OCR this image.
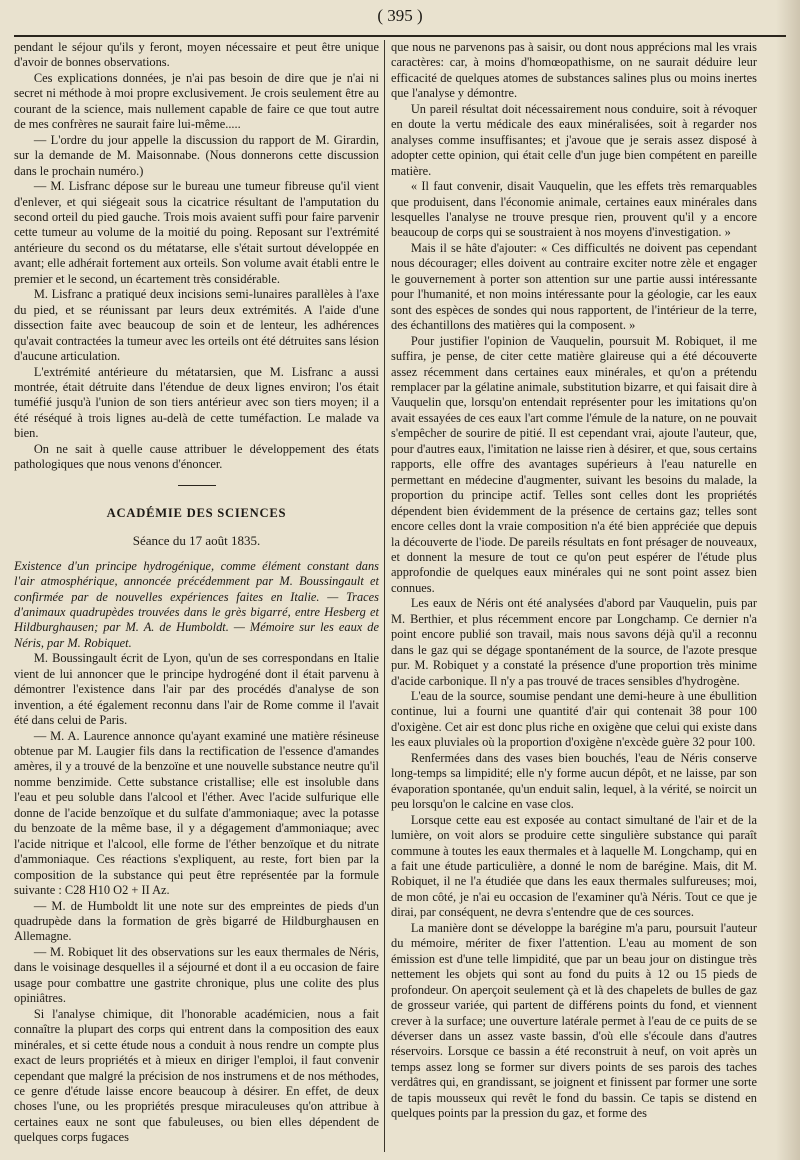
( 395 )

pendant le séjour qu'ils y feront, moyen nécessaire et peut être unique d'avoir de bonnes observations.

Ces explications données, je n'ai pas besoin de dire que je n'ai ni secret ni méthode à moi propre exclusivement. Je crois seulement être au courant de la science, mais nullement capable de faire ce que tout autre de mes confrères ne saurait faire lui-même.....

— L'ordre du jour appelle la discussion du rapport de M. Girardin, sur la demande de M. Maisonnabe. (Nous donnerons cette discussion dans le prochain numéro.)

— M. Lisfranc dépose sur le bureau une tumeur fibreuse qu'il vient d'enlever, et qui siégeait sous la cicatrice résultant de l'amputation du second orteil du pied gauche. Trois mois avaient suffi pour faire parvenir cette tumeur au volume de la moitié du poing. Reposant sur l'extrémité antérieure du second os du métatarse, elle s'était surtout développée en avant; elle adhérait fortement aux orteils. Son volume avait établi entre le premier et le second, un écartement très considérable.

M. Lisfranc a pratiqué deux incisions semi-lunaires parallèles à l'axe du pied, et se réunissant par leurs deux extrémités. A l'aide d'une dissection faite avec beaucoup de soin et de lenteur, les adhérences qu'avait contractées la tumeur avec les orteils ont été détruites sans lésion d'aucune articulation.

L'extrémité antérieure du métatarsien, que M. Lisfranc a aussi montrée, était détruite dans l'étendue de deux lignes environ; l'os était tuméfié jusqu'à l'union de son tiers antérieur avec son tiers moyen; il a été réséqué à trois lignes au-delà de cette tuméfaction. Le malade va bien.

On ne sait à quelle cause attribuer le développement des états pathologiques que nous venons d'énoncer.

ACADÉMIE DES SCIENCES
Séance du 17 août 1835.

Existence d'un principe hydrogénique, comme élément constant dans l'air atmosphérique, annoncée précédemment par M. Boussingault et confirmée par de nouvelles expériences faites en Italie. — Traces d'animaux quadrupèdes trouvées dans le grès bigarré, entre Hesberg et Hildburghausen; par M. A. de Humboldt. — Mémoire sur les eaux de Néris, par M. Robiquet.

M. Boussingault écrit de Lyon, qu'un de ses correspondans en Italie vient de lui annoncer que le principe hydrogéné dont il était parvenu à démontrer l'existence dans l'air par des procédés d'analyse de son invention, a été également reconnu dans l'air de Rome comme il l'avait été dans celui de Paris.

— M. A. Laurence annonce qu'ayant examiné une matière résineuse obtenue par M. Laugier fils dans la rectification de l'essence d'amandes amères, il y a trouvé de la benzoïne et une nouvelle substance neutre qu'il nomme benzimide. Cette substance cristallise; elle est insoluble dans l'eau et peu soluble dans l'alcool et l'éther. Avec l'acide sulfurique elle donne de l'acide benzoïque et du sulfate d'ammoniaque; avec la potasse du benzoate de la même base, il y a dégagement d'ammoniaque; avec l'acide nitrique et l'alcool, elle forme de l'éther benzoïque et du nitrate d'ammoniaque. Ces réactions s'expliquent, au reste, fort bien par la composition de la substance qui peut être représentée par la formule suivante : C28 H10 O2 + II Az.

— M. de Humboldt lit une note sur des empreintes de pieds d'un quadrupède dans la formation de grès bigarré de Hildburghausen en Allemagne.

— M. Robiquet lit des observations sur les eaux thermales de Néris, dans le voisinage desquelles il a séjourné et dont il a eu occasion de faire usage pour combattre une gastrite chronique, plus une colite des plus opiniâtres.

Si l'analyse chimique, dit l'honorable académicien, nous a fait connaître la plupart des corps qui entrent dans la composition des eaux minérales, et si cette étude nous a conduit à nous rendre un compte plus exact de leurs propriétés et à mieux en diriger l'emploi, il faut convenir cependant que malgré la précision de nos instrumens et de nos méthodes, ce genre d'étude laisse encore beaucoup à désirer. En effet, de deux choses l'une, ou les propriétés presque miraculeuses qu'on attribue à certaines eaux ne sont que fabuleuses, ou bien elles dépendent de quelques corps fugaces

que nous ne parvenons pas à saisir, ou dont nous apprécions mal les vrais caractères: car, à moins d'homœopathisme, on ne saurait déduire leur efficacité de quelques atomes de substances salines plus ou moins inertes que l'analyse y démontre.

Un pareil résultat doit nécessairement nous conduire, soit à révoquer en doute la vertu médicale des eaux minéralisées, soit à regarder nos analyses comme insuffisantes; et j'avoue que je serais assez disposé à adopter cette opinion, qui était celle d'un juge bien compétent en pareille matière.

« Il faut convenir, disait Vauquelin, que les effets très remarquables que produisent, dans l'économie animale, certaines eaux minérales dans lesquelles l'analyse ne trouve presque rien, prouvent qu'il y a encore beaucoup de corps qui se soustraient à nos moyens d'investigation. »

Mais il se hâte d'ajouter: « Ces difficultés ne doivent pas cependant nous décourager; elles doivent au contraire exciter notre zèle et engager le gouvernement à porter son attention sur une partie aussi intéressante pour l'humanité, et non moins intéressante pour la géologie, car les eaux sont des espèces de sondes qui nous rapportent, de l'intérieur de la terre, des échantillons des matières qui la composent. »

Pour justifier l'opinion de Vauquelin, poursuit M. Robiquet, il me suffira, je pense, de citer cette matière glaireuse qui a été découverte assez récemment dans certaines eaux minérales, et qu'on a prétendu remplacer par la gélatine animale, substitution bizarre, et qui faisait dire à Vauquelin que, lorsqu'on entendait représenter pour les imitations qu'on avait essayées de ces eaux l'art comme l'émule de la nature, on ne pouvait s'empêcher de sourire de pitié. Il est cependant vrai, ajoute l'auteur, que, pour d'autres eaux, l'imitation ne laisse rien à désirer, et que, sous certains rapports, elle offre des avantages supérieurs à l'eau naturelle en permettant en médecine d'augmenter, suivant les besoins du malade, la proportion du principe actif. Telles sont celles dont les propriétés dépendent bien évidemment de la présence de certains gaz; telles sont encore celles dont la vraie composition n'a été bien appréciée que depuis la découverte de l'iode. De pareils résultats en font présager de nouveaux, et donnent la mesure de tout ce qu'on peut espérer de l'étude plus approfondie de quelques eaux minérales qui ne sont point assez bien connues.

Les eaux de Néris ont été analysées d'abord par Vauquelin, puis par M. Berthier, et plus récemment encore par Longchamp. Ce dernier n'a point encore publié son travail, mais nous savons déjà qu'il a reconnu dans le gaz qui se dégage spontanément de la source, de l'azote presque pur. M. Robiquet y a constaté la présence d'une proportion très minime d'acide carbonique. Il n'y a pas trouvé de traces sensibles d'hydrogène.

L'eau de la source, soumise pendant une demi-heure à une ébullition continue, lui a fourni une quantité d'air qui contenait 38 pour 100 d'oxigène. Cet air est donc plus riche en oxigène que celui qui existe dans les eaux pluviales où la proportion d'oxigène n'excède guère 32 pour 100.

Renfermées dans des vases bien bouchés, l'eau de Néris conserve long-temps sa limpidité; elle n'y forme aucun dépôt, et ne laisse, par son évaporation spontanée, qu'un enduit salin, lequel, à la vérité, se noircit un peu lorsqu'on le calcine en vase clos.

Lorsque cette eau est exposée au contact simultané de l'air et de la lumière, on voit alors se produire cette singulière substance qui paraît commune à toutes les eaux thermales et à laquelle M. Longchamp, qui en a fait une étude particulière, a donné le nom de barégine. Mais, dit M. Robiquet, il ne l'a étudiée que dans les eaux thermales sulfureuses; moi, de mon côté, je n'ai eu occasion de l'examiner qu'à Néris. Tout ce que je dirai, par conséquent, ne devra s'entendre que de ces sources.

La manière dont se développe la barégine m'a paru, poursuit l'auteur du mémoire, mériter de fixer l'attention. L'eau au moment de son émission est d'une telle limpidité, que par un beau jour on distingue très nettement les objets qui sont au fond du puits à 12 ou 15 pieds de profondeur. On aperçoit seulement çà et là des chapelets de bulles de gaz de grosseur variée, qui partent de différens points du fond, et viennent crever à la surface; une ouverture latérale permet à l'eau de ce puits de se déverser dans un assez vaste bassin, d'où elle s'écoule dans d'autres réservoirs. Lorsque ce bassin a été reconstruit à neuf, on voit après un temps assez long se former sur divers points de ses parois des taches verdâtres qui, en grandissant, se joignent et finissent par former une sorte de tapis mousseux qui revêt le fond du bassin. Ce tapis se distend en quelques points par la pression du gaz, et forme des
